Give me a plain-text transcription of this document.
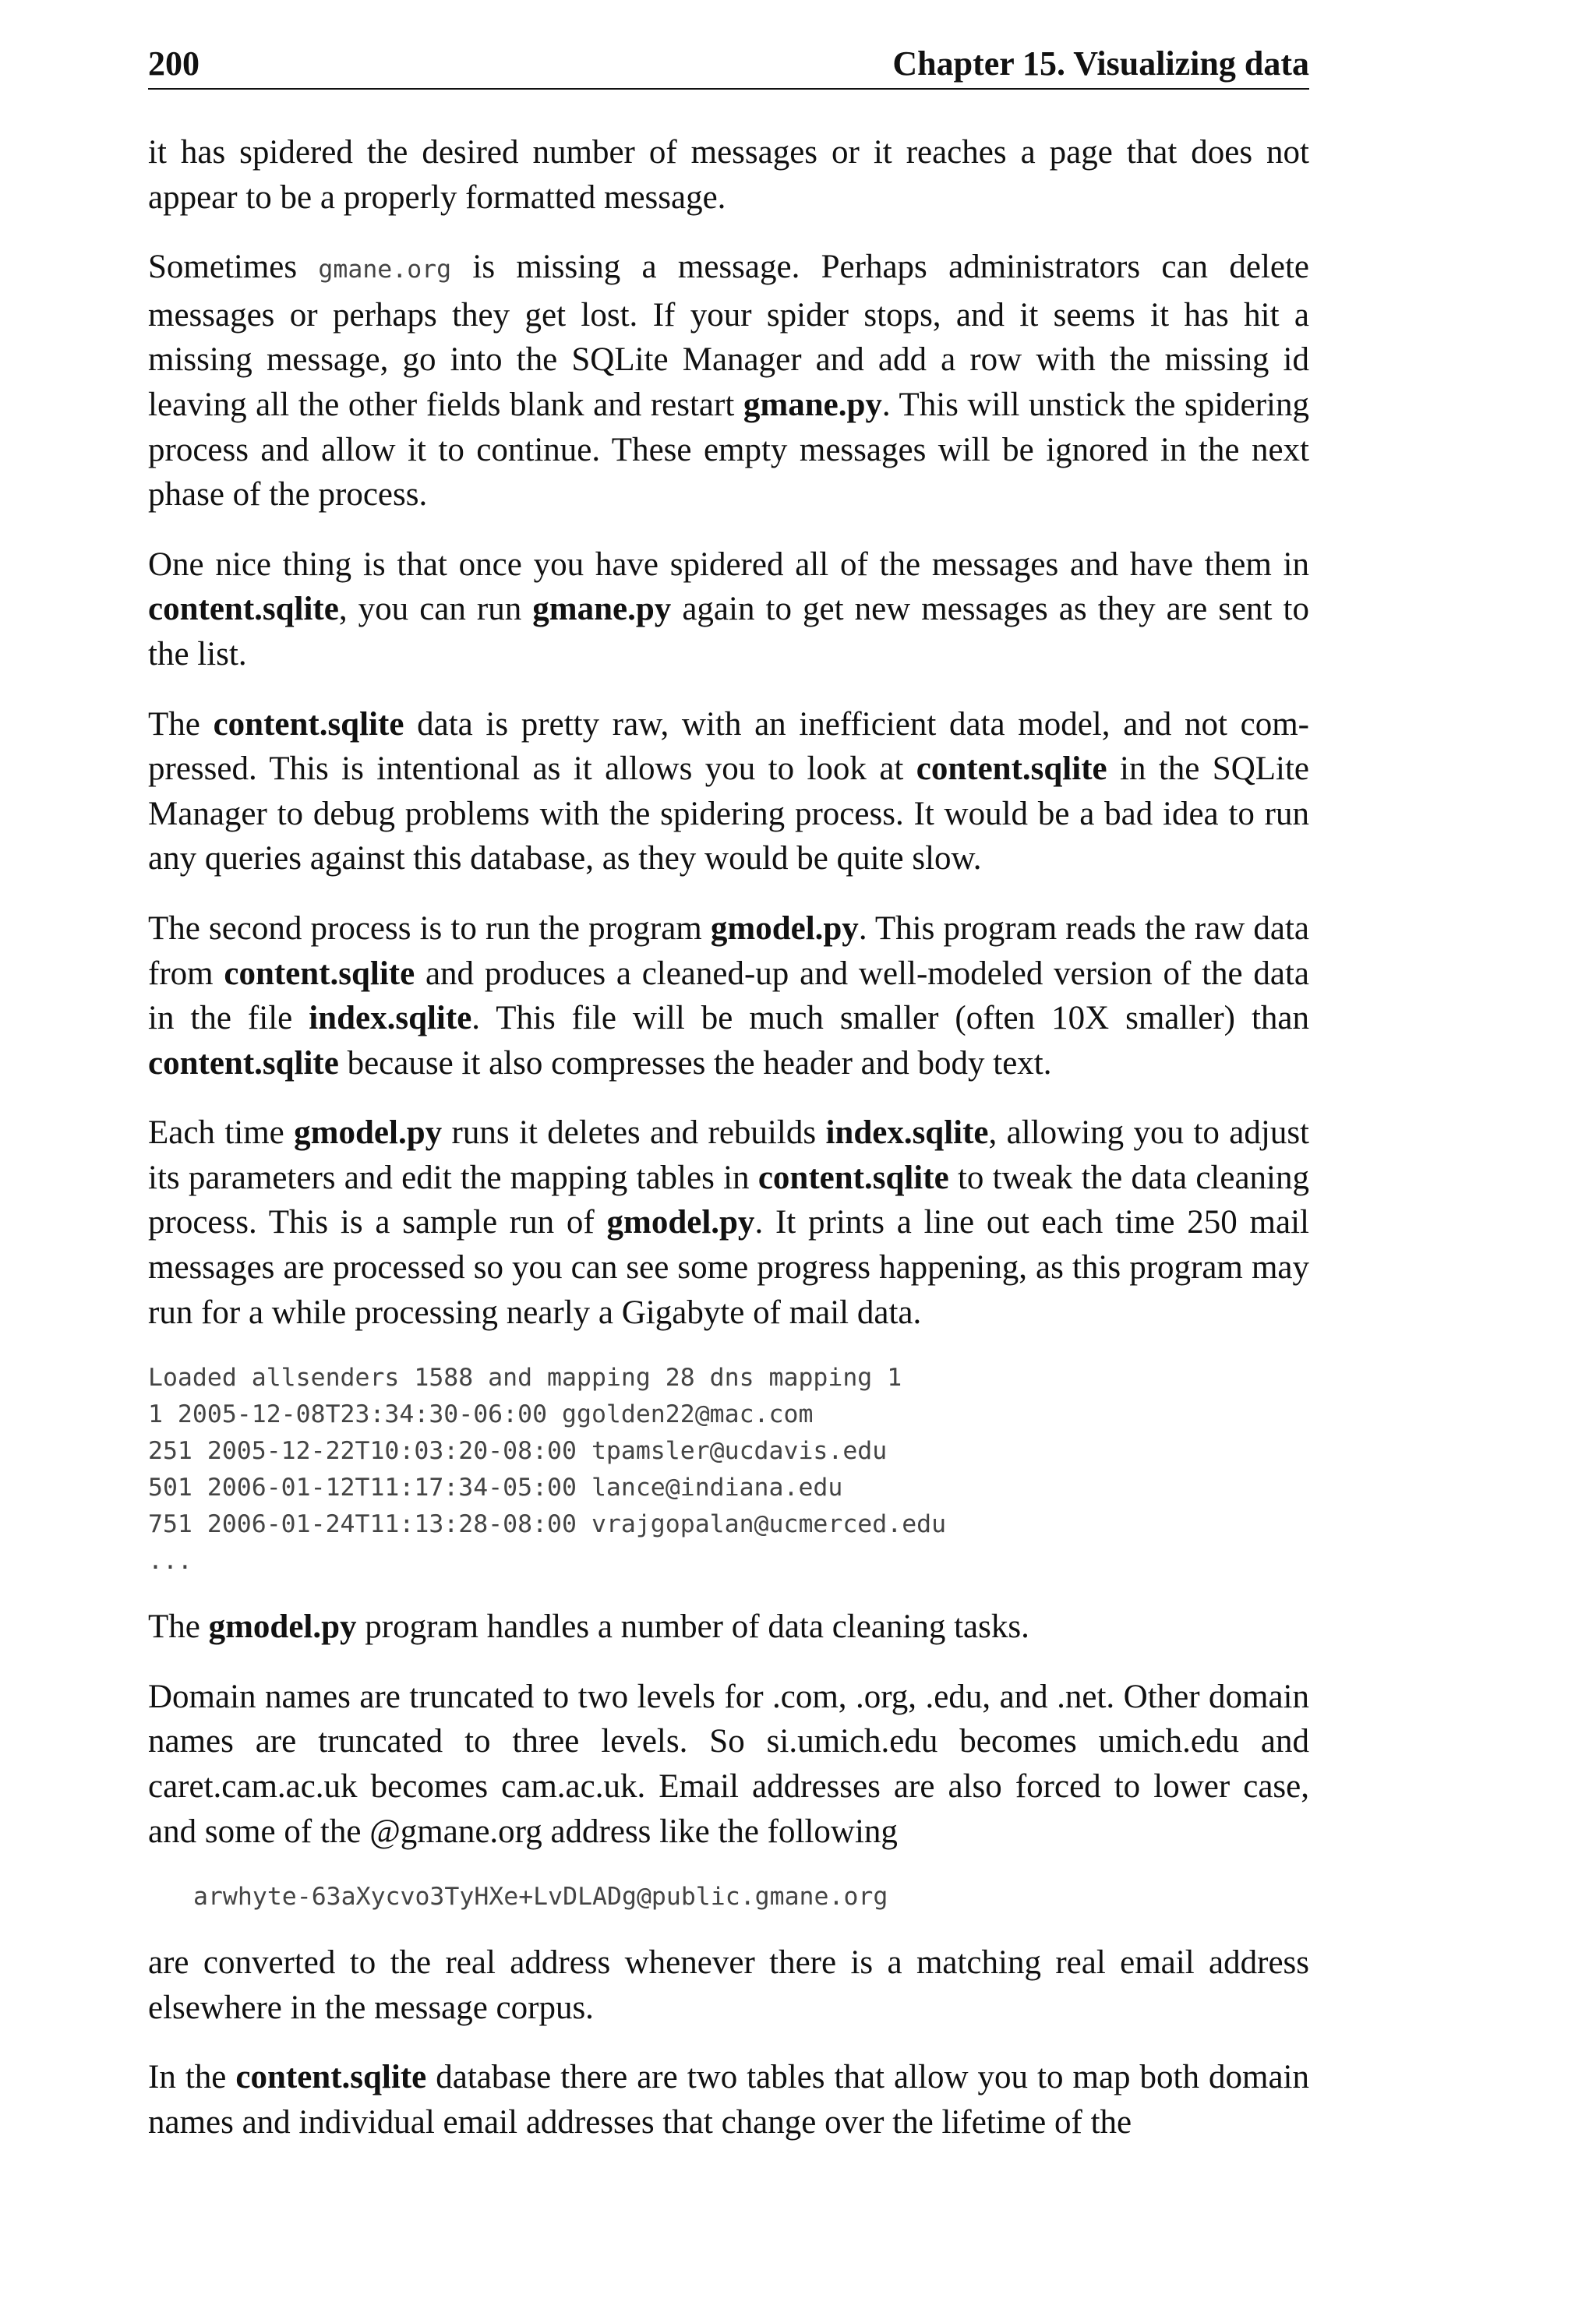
200	Chapter 15. Visualizing data

it has spidered the desired number of messages or it reaches a page that does not appear to be a properly formatted message.

Sometimes gmane.org is missing a message. Perhaps administrators can delete messages or perhaps they get lost. If your spider stops, and it seems it has hit a missing message, go into the SQLite Manager and add a row with the missing id leaving all the other fields blank and restart gmane.py. This will unstick the spidering process and allow it to continue. These empty messages will be ignored in the next phase of the process.

One nice thing is that once you have spidered all of the messages and have them in content.sqlite, you can run gmane.py again to get new messages as they are sent to the list.

The content.sqlite data is pretty raw, with an inefficient data model, and not com-pressed. This is intentional as it allows you to look at content.sqlite in the SQLite Manager to debug problems with the spidering process. It would be a bad idea to run any queries against this database, as they would be quite slow.

The second process is to run the program gmodel.py. This program reads the raw data from content.sqlite and produces a cleaned-up and well-modeled version of the data in the file index.sqlite. This file will be much smaller (often 10X smaller) than content.sqlite because it also compresses the header and body text.

Each time gmodel.py runs it deletes and rebuilds index.sqlite, allowing you to adjust its parameters and edit the mapping tables in content.sqlite to tweak the data cleaning process. This is a sample run of gmodel.py. It prints a line out each time 250 mail messages are processed so you can see some progress happening, as this program may run for a while processing nearly a Gigabyte of mail data.

Loaded allsenders 1588 and mapping 28 dns mapping 1
1 2005-12-08T23:34:30-06:00 ggolden22@mac.com
251 2005-12-22T10:03:20-08:00 tpamsler@ucdavis.edu
501 2006-01-12T11:17:34-05:00 lance@indiana.edu
751 2006-01-24T11:13:28-08:00 vrajgopalan@ucmerced.edu
...

The gmodel.py program handles a number of data cleaning tasks.

Domain names are truncated to two levels for .com, .org, .edu, and .net. Other domain names are truncated to three levels. So si.umich.edu becomes umich.edu and caret.cam.ac.uk becomes cam.ac.uk. Email addresses are also forced to lower case, and some of the @gmane.org address like the following

arwhyte-63aXycvo3TyHXe+LvDLADg@public.gmane.org

are converted to the real address whenever there is a matching real email address elsewhere in the message corpus.

In the content.sqlite database there are two tables that allow you to map both domain names and individual email addresses that change over the lifetime of the
